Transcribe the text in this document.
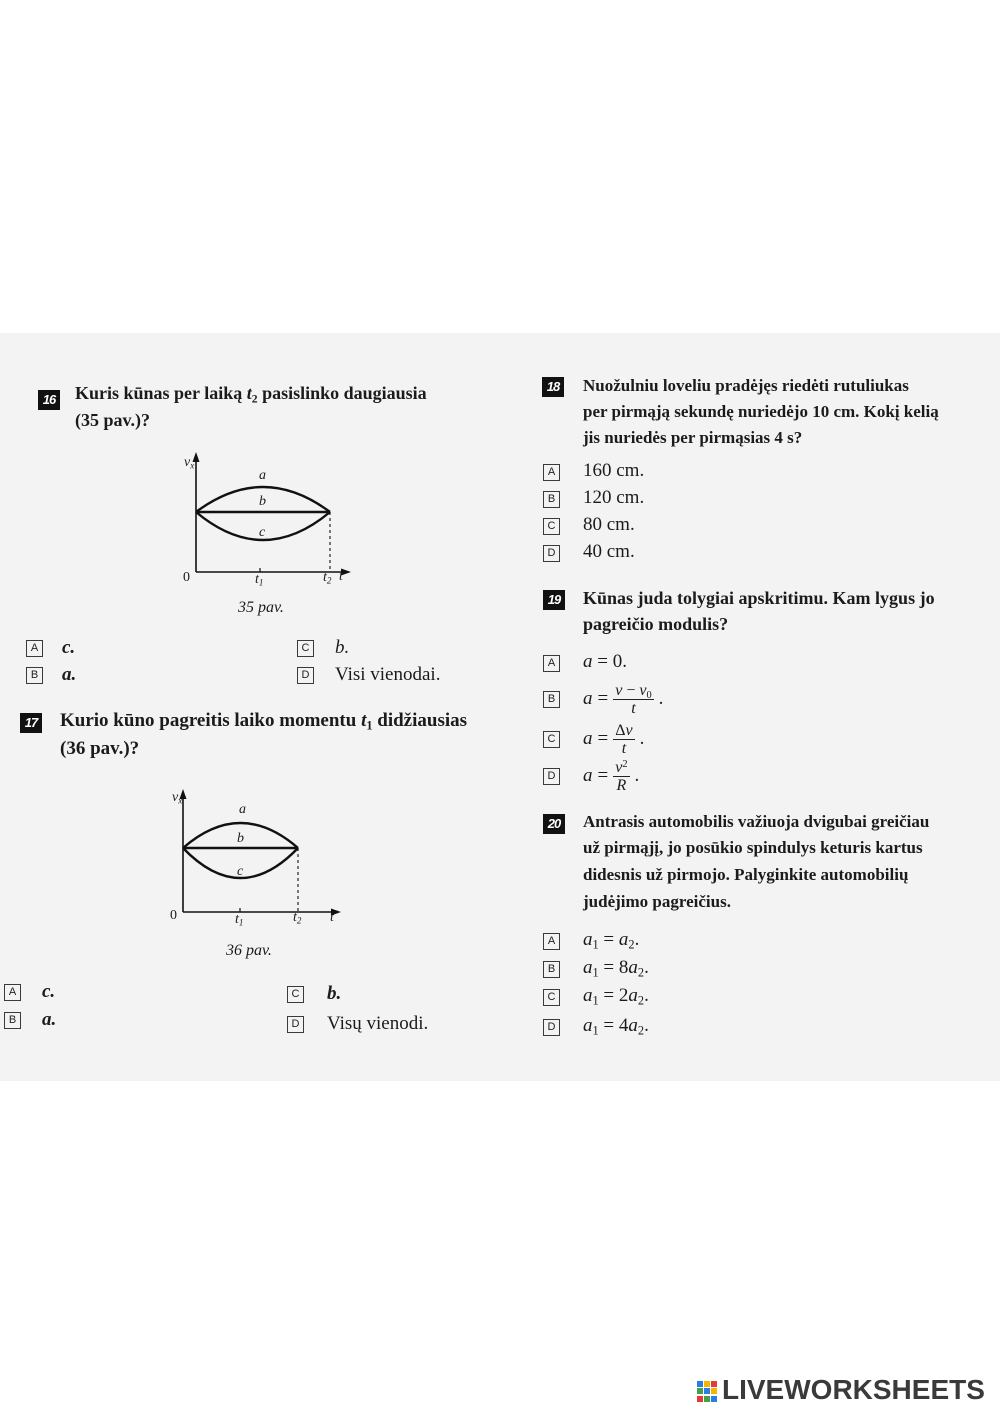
16 Kuris kūnas per laiką $t_2$ pasislinko daugiausia
(35 pav.)?
$v_x$
a
b
c
0	$t_1$	$t_2$ t
35 pav.
A c.
B a.
C b.
D Visi vienodai.
17 Kurio kūno pagreitis laiko momentu $t_1$ didžiausias
(36 pav.)?
$v_x$
a
b
c
0	$t_1$	$t_2$ t
36 pav.
A c.
B a.
C b.
D Visų vienodi.
18 Nuožulniu loveliu pradėjęs riedėti rutuliukas
per pirmąją sekundę nuriedėjo 10 cm. Kokį kelią
jis nuriedės per pirmąsias 4 s?
A 160 cm.
B 120 cm.
C 80 cm.
D 40 cm.
19 Kūnas juda tolygiai apskritimu. Kam lygus jo
pagreičio modulis?
A a = 0.
B $a = \frac{v - v_0}{t}$ .
C $a = \frac{\Delta v}{t}$ .
D $a = \frac{v^2}{R}$ .
20 Antrasis automobilis važiuoja dvigubai greičiau
už pirmąjį, jo posūkio spindulys keturis kartus
didesnis už pirmojo. Palyginkite automobilių
judėjimo pagreičius.
A $a_1 = a_2$.
B $a_1 = 8a_2$.
C $a_1 = 2a_2$.
D $a_1 = 4a_2$.
LIVEWORKSHEETS
